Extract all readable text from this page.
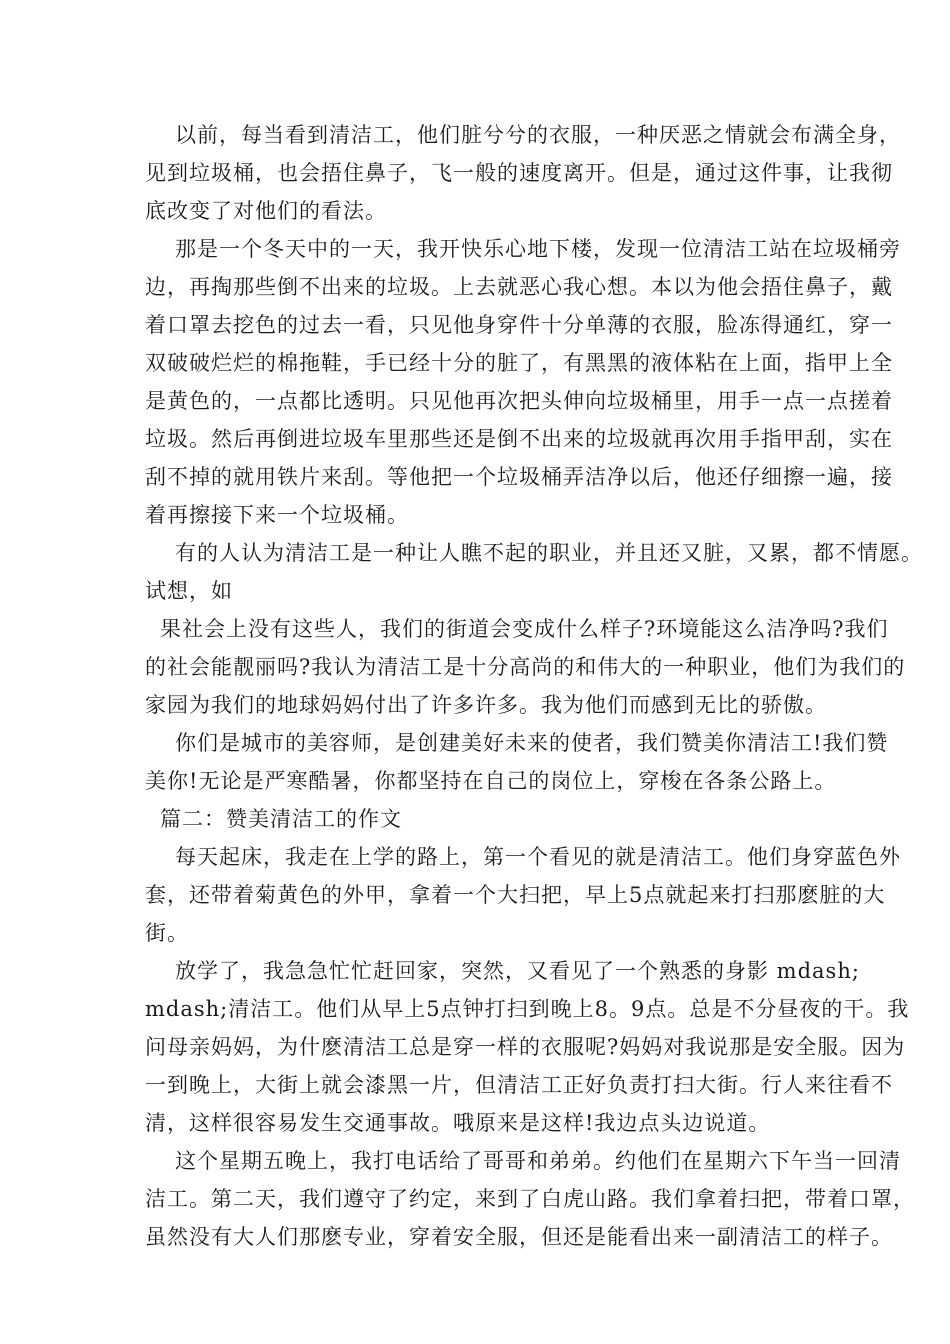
以前，每当看到清洁工，他们脏兮兮的衣服，一种厌恶之情就会布满全身，
见到垃圾桶，也会捂住鼻子，飞一般的速度离开。但是，通过这件事，让我彻
底改变了对他们的看法。
那是一个冬天中的一天，我开快乐心地下楼，发现一位清洁工站在垃圾桶旁
边，再掏那些倒不出来的垃圾。上去就恶心我心想。本以为他会捂住鼻子，戴
着口罩去挖色的过去一看，只见他身穿件十分单薄的衣服，脸冻得通红，穿一
双破破烂烂的棉拖鞋，手已经十分的脏了，有黑黑的液体粘在上面，指甲上全
是黄色的，一点都比透明。只见他再次把头伸向垃圾桶里，用手一点一点搓着
垃圾。然后再倒进垃圾车里那些还是倒不出来的垃圾就再次用手指甲刮，实在
刮不掉的就用铁片来刮。等他把一个垃圾桶弄洁净以后，他还仔细擦一遍，接
着再擦接下来一个垃圾桶。
有的人认为清洁工是一种让人瞧不起的职业，并且还又脏，又累，都不情愿。
试想，如
果社会上没有这些人，我们的街道会变成什么样子?环境能这么洁净吗?我们
的社会能靓丽吗?我认为清洁工是十分高尚的和伟大的一种职业，他们为我们的
家园为我们的地球妈妈付出了许多许多。我为他们而感到无比的骄傲。
你们是城市的美容师，是创建美好未来的使者，我们赞美你清洁工!我们赞
美你!无论是严寒酷暑，你都坚持在自己的岗位上，穿梭在各条公路上。
篇二：赞美清洁工的作文
每天起床，我走在上学的路上，第一个看见的就是清洁工。他们身穿蓝色外
套，还带着菊黄色的外甲，拿着一个大扫把，早上5点就起来打扫那麽脏的大
街。
放学了，我急急忙忙赶回家，突然，又看见了一个熟悉的身影 mdash;
mdash;清洁工。他们从早上5点钟打扫到晚上8。9点。总是不分昼夜的干。我
问母亲妈妈，为什麽清洁工总是穿一样的衣服呢?妈妈对我说那是安全服。因为
一到晚上，大街上就会漆黑一片，但清洁工正好负责打扫大街。行人来往看不
清，这样很容易发生交通事故。哦原来是这样!我边点头边说道。
这个星期五晚上，我打电话给了哥哥和弟弟。约他们在星期六下午当一回清
洁工。第二天，我们遵守了约定，来到了白虎山路。我们拿着扫把，带着口罩，
虽然没有大人们那麽专业，穿着安全服，但还是能看出来一副清洁工的样子。
